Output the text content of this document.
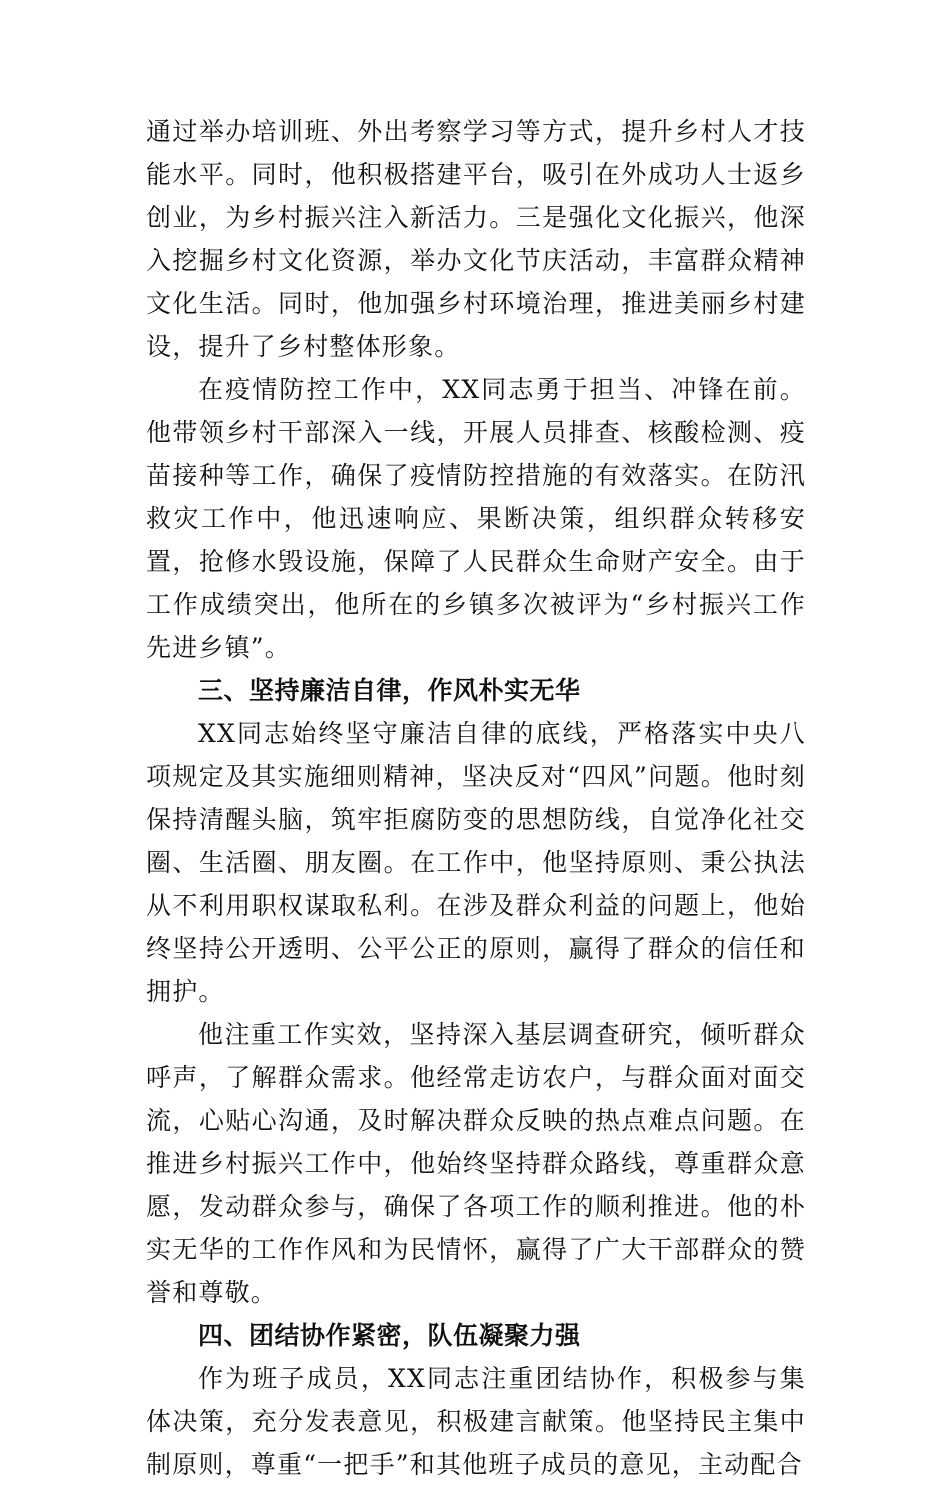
通过举办培训班、外出考察学习等方式，提升乡村人才技能水平。同时，他积极搭建平台，吸引在外成功人士返乡创业，为乡村振兴注入新活力。三是强化文化振兴，他深入挖掘乡村文化资源，举办文化节庆活动，丰富群众精神文化生活。同时，他加强乡村环境治理，推进美丽乡村建设，提升了乡村整体形象。

在疫情防控工作中，XX同志勇于担当、冲锋在前。他带领乡村干部深入一线，开展人员排查、核酸检测、疫苗接种等工作，确保了疫情防控措施的有效落实。在防汛救灾工作中，他迅速响应、果断决策，组织群众转移安置，抢修水毁设施，保障了人民群众生命财产安全。由于工作成绩突出，他所在的乡镇多次被评为“乡村振兴工作先进乡镇”。

三、坚持廉洁自律，作风朴实无华

XX同志始终坚守廉洁自律的底线，严格落实中央八项规定及其实施细则精神，坚决反对“四风”问题。他时刻保持清醒头脑，筑牢拒腐防变的思想防线，自觉净化社交圈、生活圈、朋友圈。在工作中，他坚持原则、秉公执法从不利用职权谋取私利。在涉及群众利益的问题上，他始终坚持公开透明、公平公正的原则，赢得了群众的信任和拥护。

他注重工作实效，坚持深入基层调查研究，倾听群众呼声，了解群众需求。他经常走访农户，与群众面对面交流，心贴心沟通，及时解决群众反映的热点难点问题。在推进乡村振兴工作中，他始终坚持群众路线，尊重群众意愿，发动群众参与，确保了各项工作的顺利推进。他的朴实无华的工作作风和为民情怀，赢得了广大干部群众的赞誉和尊敬。

四、团结协作紧密，队伍凝聚力强

作为班子成员，XX同志注重团结协作，积极参与集体决策，充分发表意见，积极建言献策。他坚持民主集中制原则，尊重“一把手”和其他班子成员的意见，主动配合
